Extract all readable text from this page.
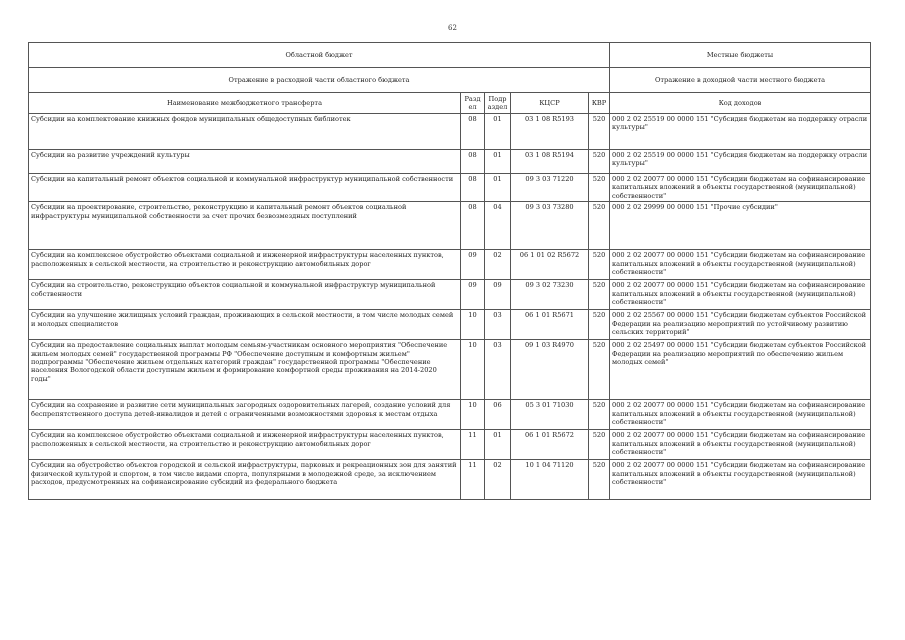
62
Областной бюджет					Местные бюджеты
Отражение в расходной части областного бюджета					Отражение в доходной части местного бюджета
Наименование межбюджетного трансферта	Раздел	Подраздел	КЦСР	КВР	Код доходов
Субсидии на комплектование книжных фондов муниципальных общедоступных библиотек	08	01	03 1 08 R5193	520	000 2 02 25519 00 0000 151 "Субсидия бюджетам на поддержку отрасли культуры"
Субсидии на развитие учреждений культуры	08	01	03 1 08 R5194	520	000 2 02 25519 00 0000 151 "Субсидия бюджетам на поддержку отрасли культуры"
Субсидии на капитальный ремонт объектов социальной и коммунальной инфраструктур муниципальной собственности	08	01	09 3 03 71220	520	000 2 02 20077 00 0000 151 "Субсидии бюджетам на софинансирование капитальных вложений в объекты государственной (муниципальной) собственности"
Субсидии на проектирование, строительство, реконструкцию и капитальный ремонт объектов социальной инфраструктуры муниципальной собственности за счет прочих безвозмездных поступлений	08	04	09 3 03 73280	520	000 2 02 29999 00 0000 151 "Прочие субсидии"
Субсидии на комплексное обустройство объектами социальной и инженерной инфраструктуры населенных пунктов, расположенных в сельской местности, на строительство и реконструкцию автомобильных дорог	09	02	06 1 01 02 R5672	520	000 2 02 20077 00 0000 151 "Субсидии бюджетам на софинансирование капитальных вложений в объекты государственной (муниципальной) собственности"
Субсидии на строительство, реконструкцию объектов социальной и коммунальной инфраструктур муниципальной собственности	09	09	09 3 02 73230	520	000 2 02 20077 00 0000 151 "Субсидии бюджетам на софинансирование капитальных вложений в объекты государственной (муниципальной) собственности"
Субсидии на улучшение жилищных условий граждан, проживающих в сельской местности, в том числе молодых семей и молодых специалистов	10	03	06 1 01 R5671	520	000 2 02 25567 00 0000 151 "Субсидии бюджетам субъектов Российской Федерации на реализацию мероприятий по устойчивому развитию сельских территорий"
Субсидии на предоставление социальных выплат молодым семьям-участникам основного мероприятия "Обеспечение жильем молодых семей" государственной программы РФ "Обеспечение доступным и комфортным жильем" подпрограммы "Обеспечение жильем отдельных категорий граждан" государственной программы "Обеспечение населения Вологодской области доступным жильем и формирование комфортной среды проживания на 2014-2020 годы"	10	03	09 1 03 R4970	520	000 2 02 25497 00 0000 151 "Субсидии бюджетам субъектов Российской Федерации на реализацию мероприятий по обеспечению жильем молодых семей"
Субсидии на сохранение и развитие сети муниципальных загородных оздоровительных лагерей, создание условий для беспрепятственного доступа детей-инвалидов и детей с ограниченными возможностями здоровья к местам отдыха	10	06	05 3 01 71030	520	000 2 02 20077 00 0000 151 "Субсидии бюджетам на софинансирование капитальных вложений в объекты государственной (муниципальной) собственности"
Субсидии на комплексное обустройство объектами социальной и инженерной инфраструктуры населенных пунктов, расположенных в сельской местности, на строительство и реконструкцию автомобильных дорог	11	01	06 1 01 R5672	520	000 2 02 20077 00 0000 151 "Субсидии бюджетам на софинансирование капитальных вложений в объекты государственной (муниципальной) собственности"
Субсидии на обустройство объектов городской и сельской инфраструктуры, парковых и рекреационных зон для занятий физической культурой и спортом, в том числе видами спорта, популярными в молодежной среде, за исключением расходов, предусмотренных на софинансирование субсидий из федерального бюджета	11	02	10 1 04 71120	520	000 2 02 20077 00 0000 151 "Субсидии бюджетам на софинансирование капитальных вложений в объекты государственной (муниципальной) собственности"
